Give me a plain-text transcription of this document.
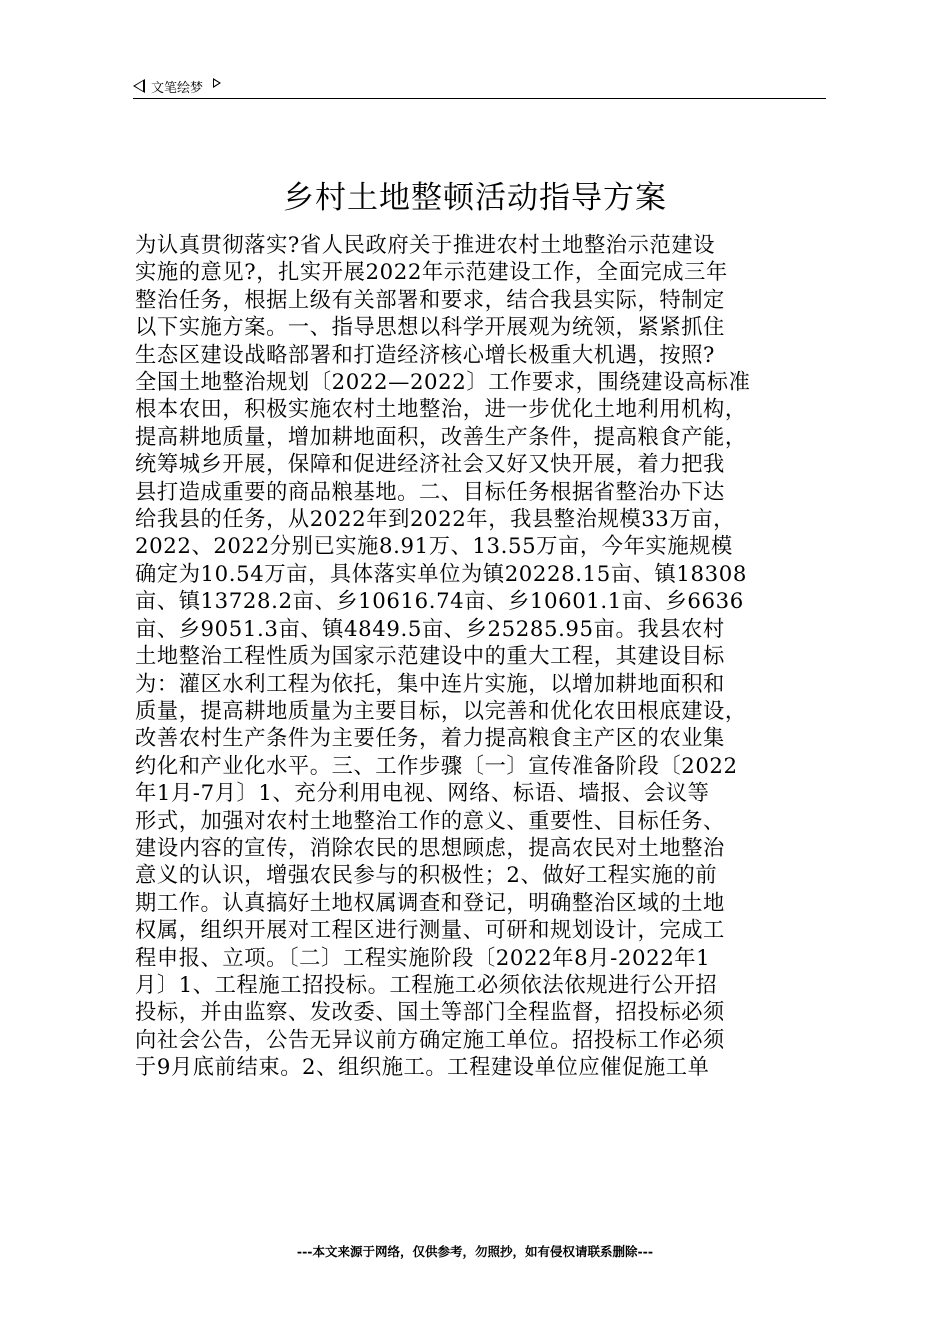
文笔绘梦
乡村土地整顿活动指导方案
为认真贯彻落实?省人民政府关于推进农村土地整治示范建设
实施的意见?，扎实开展2022年示范建设工作，全面完成三年
整治任务，根据上级有关部署和要求，结合我县实际，特制定
以下实施方案。一、指导思想以科学开展观为统领，紧紧抓住
生态区建设战略部署和打造经济核心增长极重大机遇，按照?
全国土地整治规划〔2022—2022〕工作要求，围绕建设高标准
根本农田，积极实施农村土地整治，进一步优化土地利用机构，
提高耕地质量，增加耕地面积，改善生产条件，提高粮食产能，
统筹城乡开展，保障和促进经济社会又好又快开展，着力把我
县打造成重要的商品粮基地。二、目标任务根据省整治办下达
给我县的任务，从2022年到2022年，我县整治规模33万亩，
2022、2022分别已实施8.91万、13.55万亩，今年实施规模
确定为10.54万亩，具体落实单位为镇20228.15亩、镇18308
亩、镇13728.2亩、乡10616.74亩、乡10601.1亩、乡6636
亩、乡9051.3亩、镇4849.5亩、乡25285.95亩。我县农村
土地整治工程性质为国家示范建设中的重大工程，其建设目标
为：灌区水利工程为依托，集中连片实施，以增加耕地面积和
质量，提高耕地质量为主要目标，以完善和优化农田根底建设，
改善农村生产条件为主要任务，着力提高粮食主产区的农业集
约化和产业化水平。三、工作步骤〔一〕宣传准备阶段〔2022
年1月-7月〕1、充分利用电视、网络、标语、墙报、会议等
形式，加强对农村土地整治工作的意义、重要性、目标任务、
建设内容的宣传，消除农民的思想顾虑，提高农民对土地整治
意义的认识，增强农民参与的积极性；2、做好工程实施的前
期工作。认真搞好土地权属调查和登记，明确整治区域的土地
权属，组织开展对工程区进行测量、可研和规划设计，完成工
程申报、立项。〔二〕工程实施阶段〔2022年8月-2022年1
月〕1、工程施工招投标。工程施工必须依法依规进行公开招
投标，并由监察、发改委、国土等部门全程监督，招投标必须
向社会公告，公告无异议前方确定施工单位。招投标工作必须
于9月底前结束。2、组织施工。工程建设单位应催促施工单
---本文来源于网络，仅供参考，勿照抄，如有侵权请联系删除---
